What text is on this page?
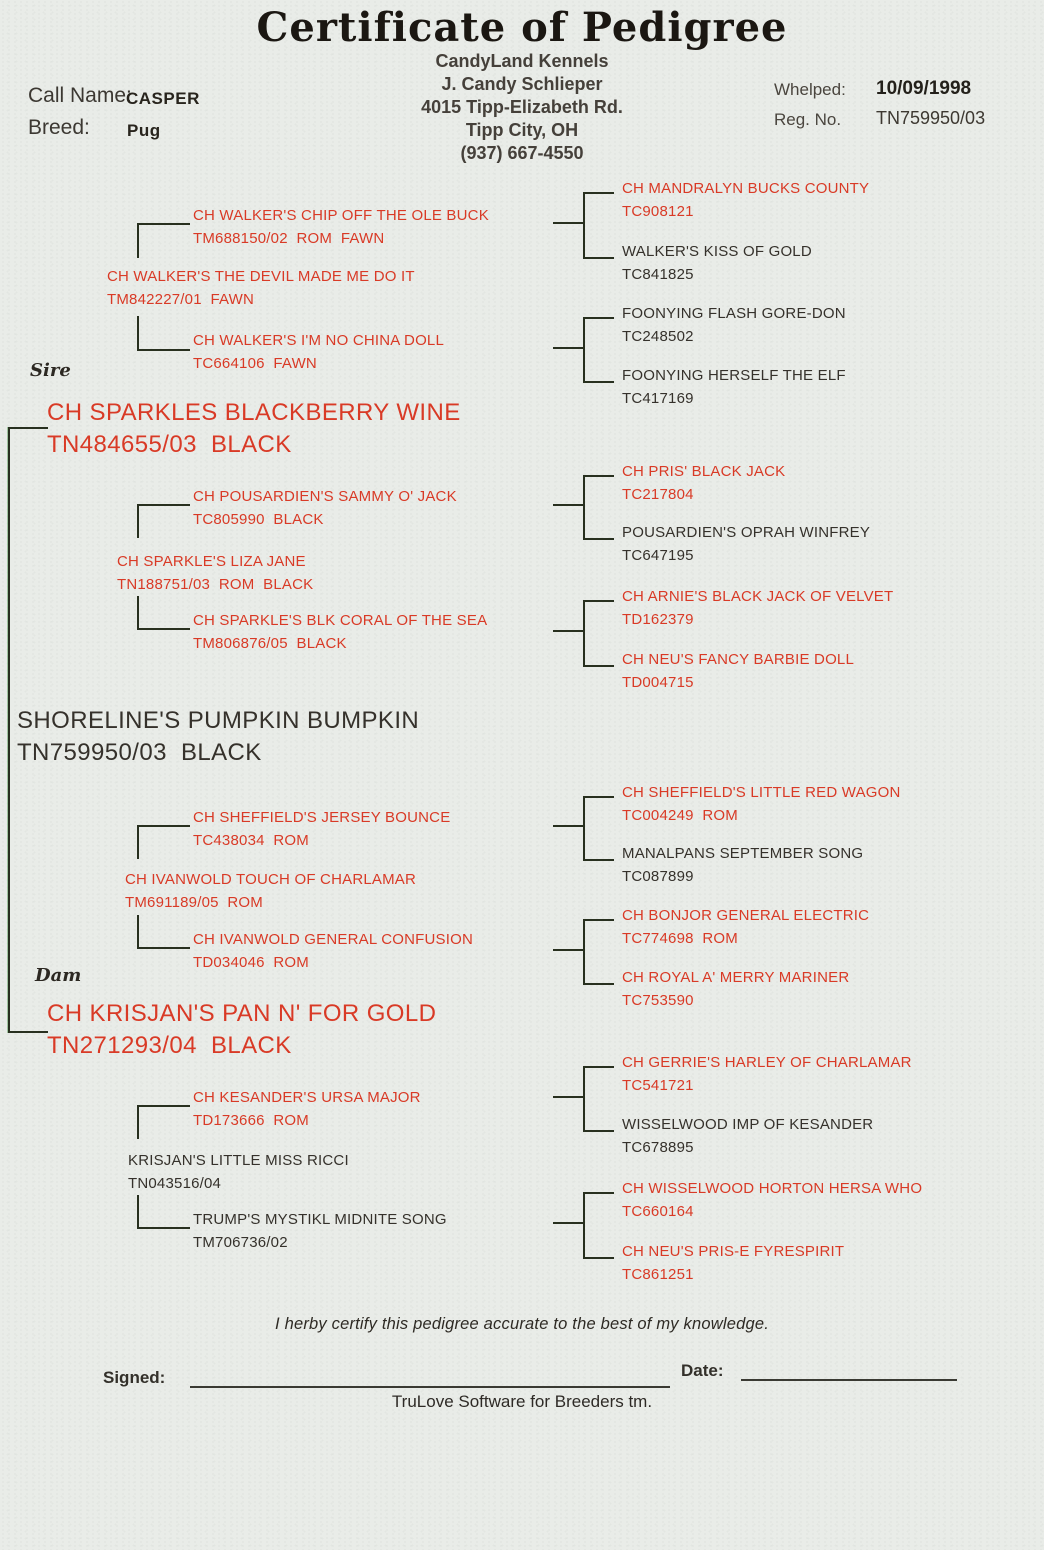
Certificate of Pedigree
CandyLand Kennels
J. Candy Schlieper
4015 Tipp-Elizabeth Rd.
Tipp City, OH
(937) 667-4550
Call Name:
CASPER
Breed: Pug
Whelped: 10/09/1998
Reg. No. TN759950/03
Sire
Dam
CH SPARKLES BLACKBERRY WINE
TN484655/03  BLACK
SHORELINE'S PUMPKIN BUMPKIN
TN759950/03  BLACK
CH KRISJAN'S PAN N' FOR GOLD
TN271293/04  BLACK
CH WALKER'S THE DEVIL MADE ME DO IT
TM842227/01  FAWN
CH SPARKLE'S LIZA JANE
TN188751/03  ROM  BLACK
CH IVANWOLD TOUCH OF CHARLAMAR
TM691189/05  ROM
KRISJAN'S LITTLE MISS RICCI
TN043516/04
CH WALKER'S CHIP OFF THE OLE BUCK
TM688150/02  ROM  FAWN
CH WALKER'S I'M NO CHINA DOLL
TC664106  FAWN
CH POUSARDIEN'S SAMMY O' JACK
TC805990  BLACK
CH SPARKLE'S BLK CORAL OF THE SEA
TM806876/05  BLACK
CH SHEFFIELD'S JERSEY BOUNCE
TC438034  ROM
CH IVANWOLD GENERAL CONFUSION
TD034046  ROM
CH KESANDER'S URSA MAJOR
TD173666  ROM
TRUMP'S MYSTIKL MIDNITE SONG
TM706736/02
CH MANDRALYN BUCKS COUNTY
TC908121
WALKER'S KISS OF GOLD
TC841825
FOONYING FLASH GORE-DON
TC248502
FOONYING HERSELF THE ELF
TC417169
CH PRIS' BLACK JACK
TC217804
POUSARDIEN'S OPRAH WINFREY
TC647195
CH ARNIE'S BLACK JACK OF VELVET
TD162379
CH NEU'S FANCY BARBIE DOLL
TD004715
CH SHEFFIELD'S LITTLE RED WAGON
TC004249  ROM
MANALPANS SEPTEMBER SONG
TC087899
CH BONJOR GENERAL ELECTRIC
TC774698  ROM
CH ROYAL A' MERRY MARINER
TC753590
CH GERRIE'S HARLEY OF CHARLAMAR
TC541721
WISSELWOOD IMP OF KESANDER
TC678895
CH WISSELWOOD HORTON HERSA WHO
TC660164
CH NEU'S PRIS-E FYRESPIRIT
TC861251
I herby certify this pedigree accurate to the best of my knowledge.
Signed:	Date:
TruLove Software for Breeders tm.
